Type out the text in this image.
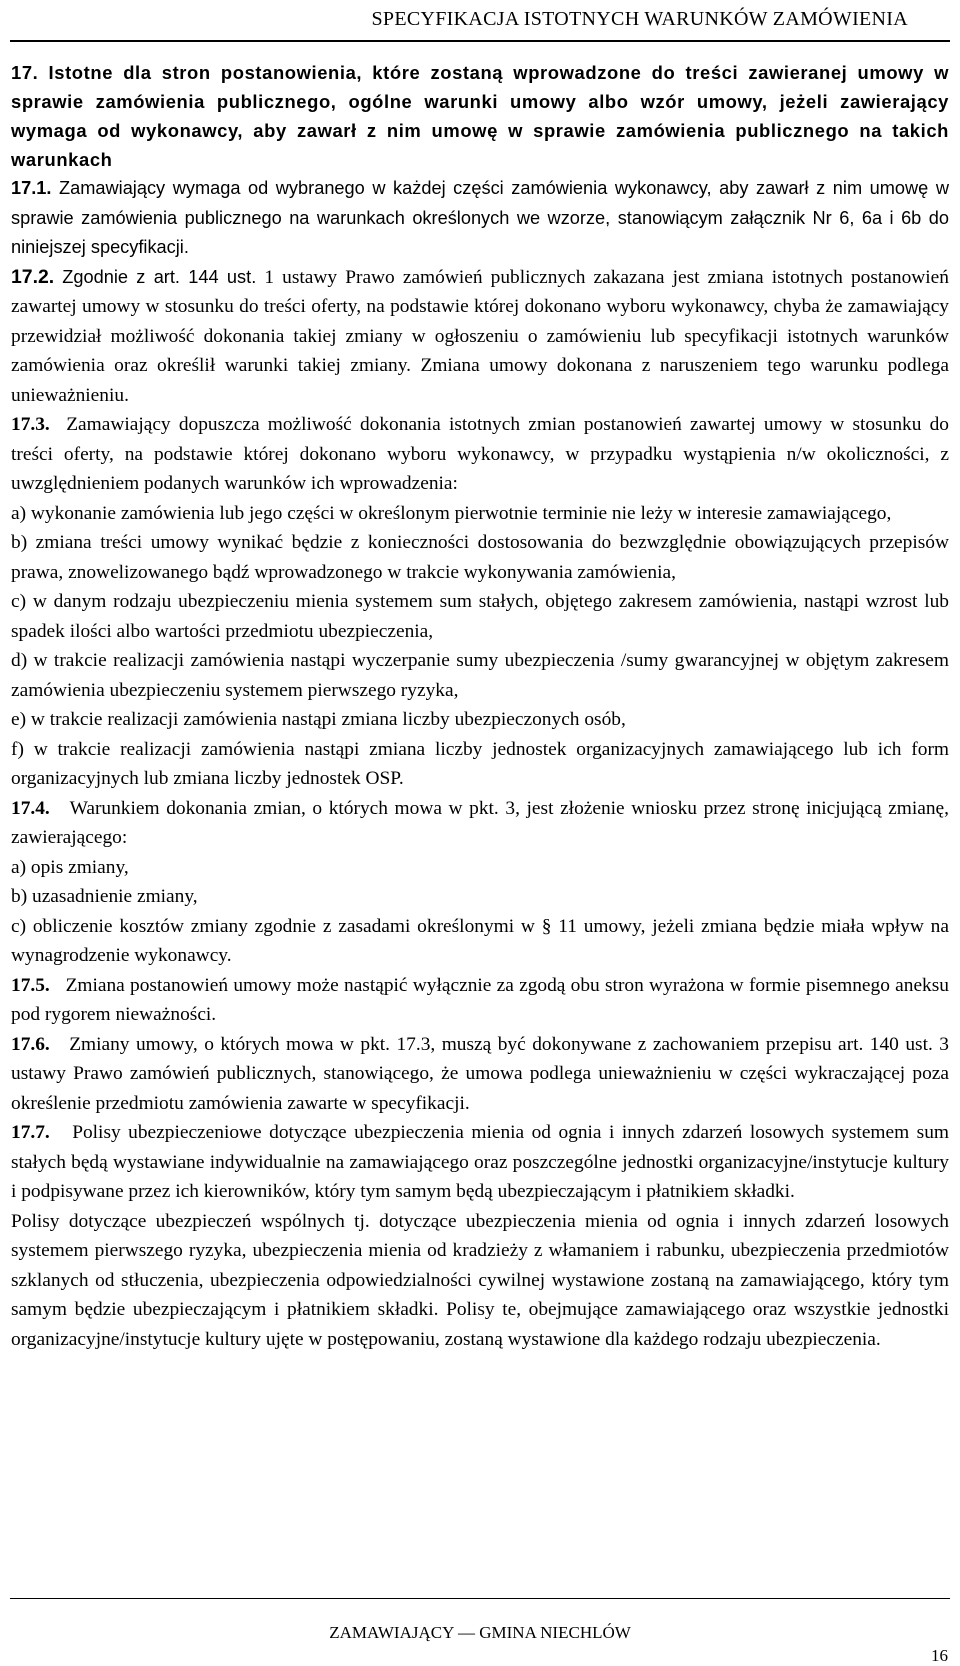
SPECYFIKACJA ISTOTNYCH WARUNKÓW ZAMÓWIENIA

17. Istotne dla stron postanowienia, które zostaną wprowadzone do treści zawieranej umowy w sprawie zamówienia publicznego, ogólne warunki umowy albo wzór umowy, jeżeli zawierający wymaga od wykonawcy, aby zawarł z nim umowę w sprawie zamówienia publicznego na takich warunkach

17.1. Zamawiający wymaga od wybranego w każdej części zamówienia wykonawcy, aby zawarł z nim umowę w sprawie zamówienia publicznego na warunkach określonych we wzorze, stanowiącym załącznik Nr 6, 6a i 6b do niniejszej specyfikacji.

17.2. Zgodnie z art. 144 ust. 1 ustawy Prawo zamówień publicznych zakazana jest zmiana istotnych postanowień zawartej umowy w stosunku do treści oferty, na podstawie której dokonano wyboru wykonawcy, chyba że zamawiający przewidział możliwość dokonania takiej zmiany w ogłoszeniu o zamówieniu lub specyfikacji istotnych warunków zamówienia oraz określił warunki takiej zmiany. Zmiana umowy dokonana z naruszeniem tego warunku podlega unieważnieniu.

17.3. Zamawiający dopuszcza możliwość dokonania istotnych zmian postanowień zawartej umowy w stosunku do treści oferty, na podstawie której dokonano wyboru wykonawcy, w przypadku wystąpienia n/w okoliczności, z uwzględnieniem podanych warunków ich wprowadzenia:

a) wykonanie zamówienia lub jego części w określonym pierwotnie terminie nie leży w interesie zamawiającego,

b) zmiana treści umowy wynikać będzie z konieczności dostosowania do bezwzględnie obowiązujących przepisów prawa, znowelizowanego bądź wprowadzonego w trakcie wykonywania zamówienia,

c) w danym rodzaju ubezpieczeniu mienia systemem sum stałych, objętego zakresem zamówienia, nastąpi wzrost lub spadek ilości albo wartości przedmiotu ubezpieczenia,

d) w trakcie realizacji zamówienia nastąpi wyczerpanie sumy ubezpieczenia /sumy gwarancyjnej w objętym zakresem zamówienia ubezpieczeniu systemem pierwszego ryzyka,

e) w trakcie realizacji zamówienia nastąpi zmiana liczby ubezpieczonych osób,

f) w trakcie realizacji zamówienia nastąpi zmiana liczby jednostek organizacyjnych zamawiającego lub ich form organizacyjnych lub zmiana liczby jednostek OSP.

17.4. Warunkiem dokonania zmian, o których mowa w pkt. 3, jest złożenie wniosku przez stronę inicjującą zmianę, zawierającego:

a) opis zmiany,

b) uzasadnienie zmiany,

c) obliczenie kosztów zmiany zgodnie z zasadami określonymi w § 11 umowy, jeżeli zmiana będzie miała wpływ na wynagrodzenie wykonawcy.

17.5. Zmiana postanowień umowy może nastąpić wyłącznie za zgodą obu stron wyrażona w formie pisemnego aneksu pod rygorem nieważności.

17.6. Zmiany umowy, o których mowa w pkt. 17.3, muszą być dokonywane z zachowaniem przepisu art. 140 ust. 3 ustawy Prawo zamówień publicznych, stanowiącego, że umowa podlega unieważnieniu w części wykraczającej poza określenie przedmiotu zamówienia zawarte w specyfikacji.

17.7. Polisy ubezpieczeniowe dotyczące ubezpieczenia mienia od ognia i innych zdarzeń losowych systemem sum stałych będą wystawiane indywidualnie na zamawiającego oraz poszczególne jednostki organizacyjne/instytucje kultury i podpisywane przez ich kierowników, który tym samym będą ubezpieczającym i płatnikiem składki.

Polisy dotyczące ubezpieczeń wspólnych tj. dotyczące ubezpieczenia mienia od ognia i innych zdarzeń losowych systemem pierwszego ryzyka, ubezpieczenia mienia od kradzieży z włamaniem i rabunku, ubezpieczenia przedmiotów szklanych od stłuczenia, ubezpieczenia odpowiedzialności cywilnej wystawione zostaną na zamawiającego, który tym samym będzie ubezpieczającym i płatnikiem składki. Polisy te, obejmujące zamawiającego oraz wszystkie jednostki organizacyjne/instytucje kultury ujęte w postępowaniu, zostaną wystawione dla każdego rodzaju ubezpieczenia.

ZAMAWIAJĄCY — GMINA NIECHLÓW
16
